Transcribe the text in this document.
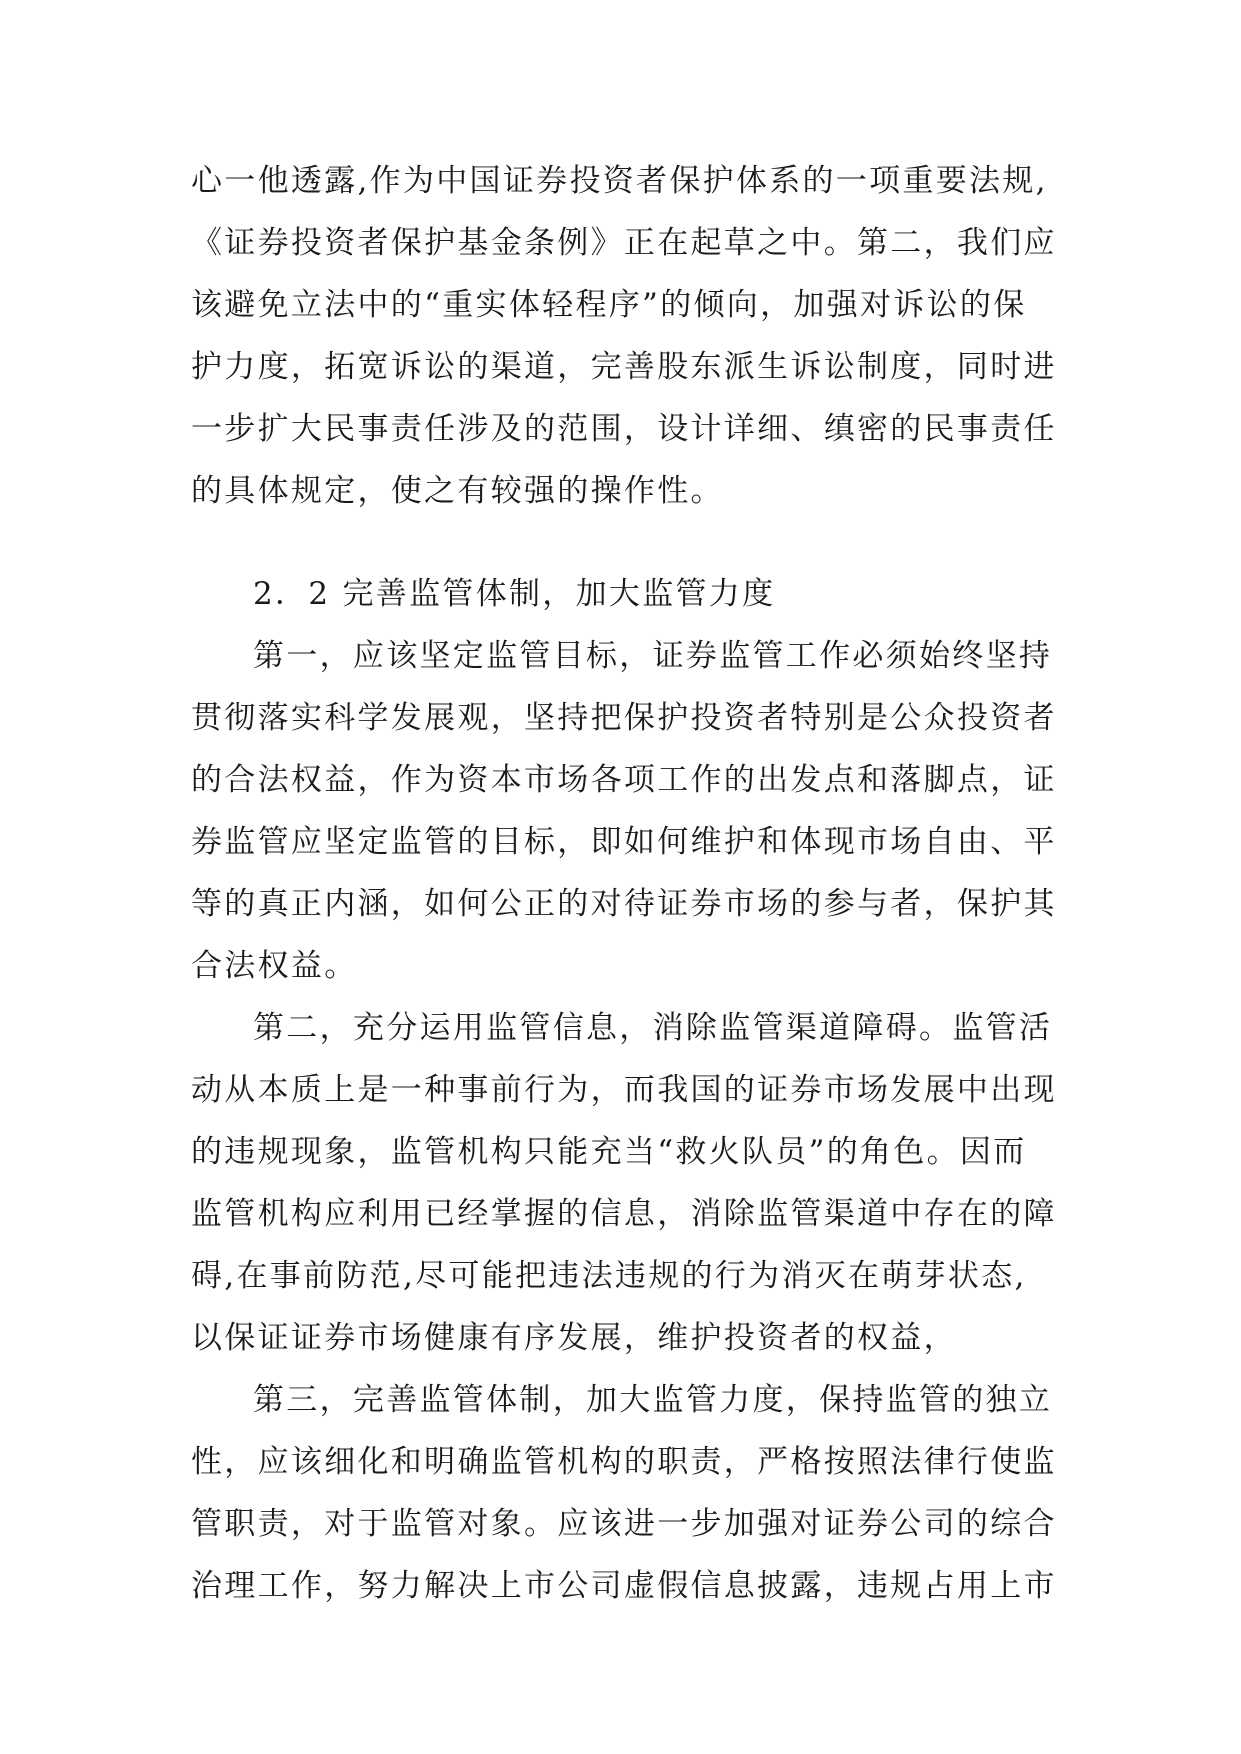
心一他透露,作为中国证券投资者保护体系的一项重要法规,
《证券投资者保护基金条例》正在起草之中。第二，我们应
该避免立法中的“重实体轻程序”的倾向，加强对诉讼的保
护力度，拓宽诉讼的渠道，完善股东派生诉讼制度，同时进
一步扩大民事责任涉及的范围，设计详细、缜密的民事责任
的具体规定，使之有较强的操作性。
2．2 完善监管体制，加大监管力度
第一，应该坚定监管目标，证券监管工作必须始终坚持
贯彻落实科学发展观，坚持把保护投资者特别是公众投资者
的合法权益，作为资本市场各项工作的出发点和落脚点，证
券监管应坚定监管的目标，即如何维护和体现市场自由、平
等的真正内涵，如何公正的对待证券市场的参与者，保护其
合法权益。
第二，充分运用监管信息，消除监管渠道障碍。监管活
动从本质上是一种事前行为，而我国的证券市场发展中出现
的违规现象，监管机构只能充当“救火队员”的角色。因而
监管机构应利用已经掌握的信息，消除监管渠道中存在的障
碍,在事前防范,尽可能把违法违规的行为消灭在萌芽状态,
以保证证券市场健康有序发展，维护投资者的权益，
第三，完善监管体制，加大监管力度，保持监管的独立
性，应该细化和明确监管机构的职责，严格按照法律行使监
管职责，对于监管对象。应该进一步加强对证券公司的综合
治理工作，努力解决上市公司虚假信息披露，违规占用上市
